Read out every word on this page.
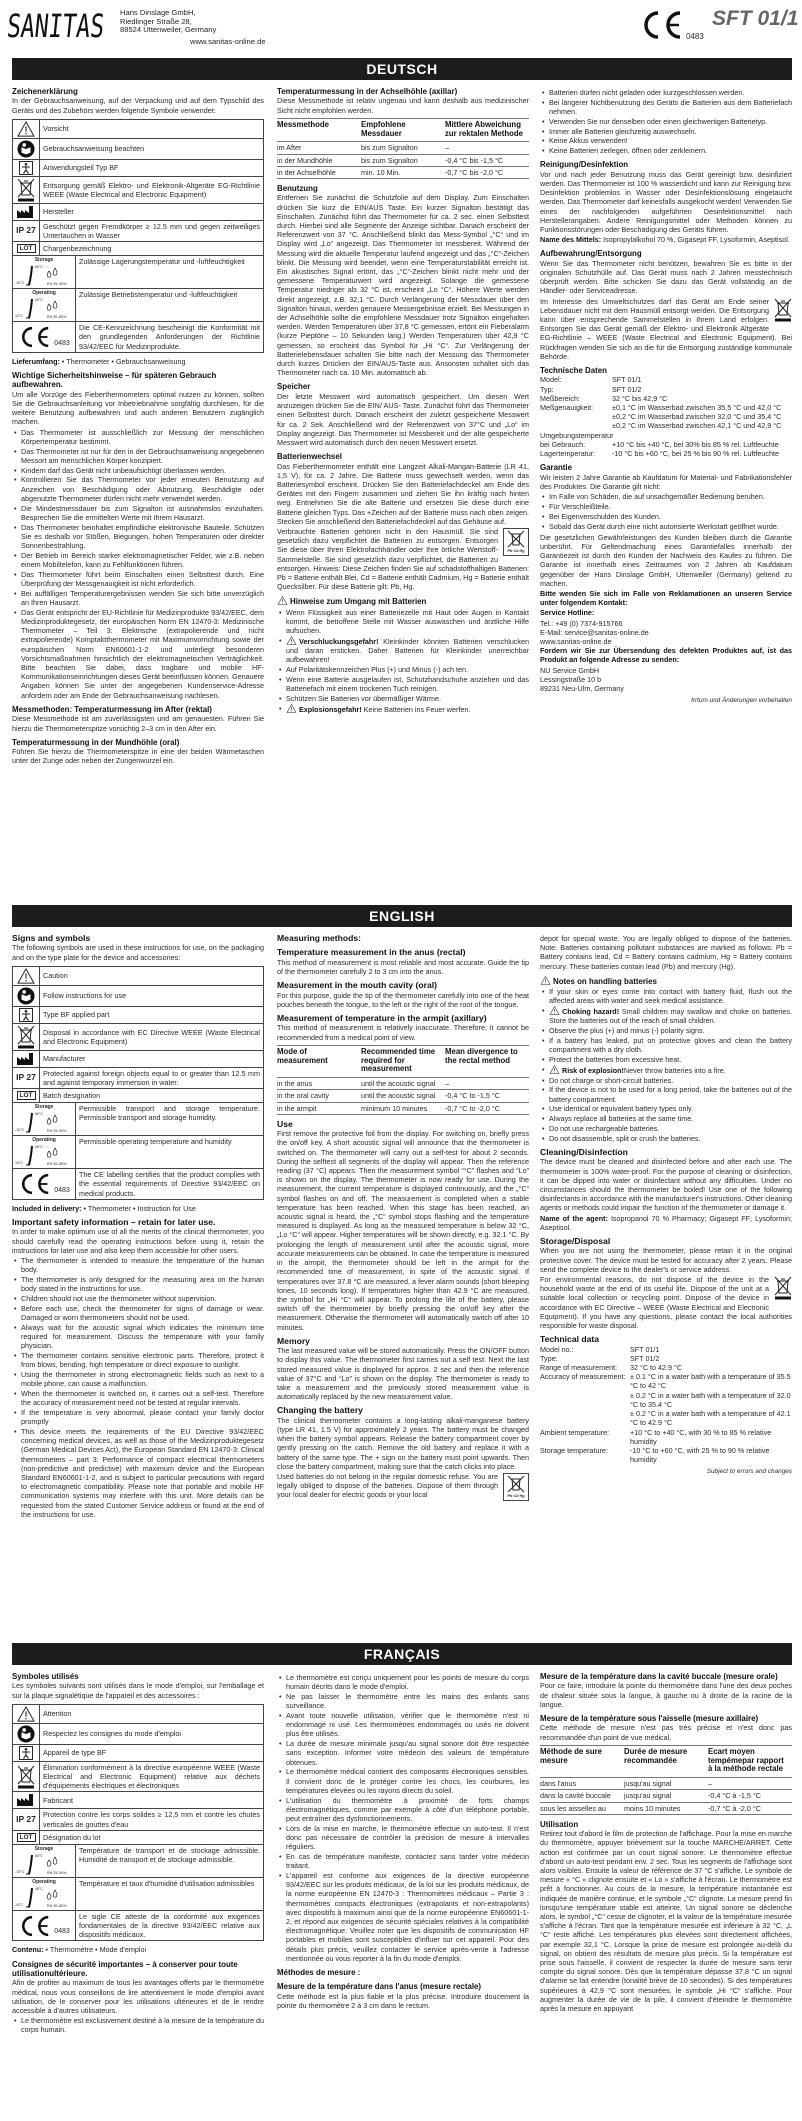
SANITAS Hans Dinslage GmbH,
Riedlinger Straße 28,
88524 Uttenweiler, Germany
www.sanitas-online.de
0483
SFT 01/1
DEUTSCH
Zeichenerklärung
In der Gebrauchsanweisung, auf der Verpackung und auf dem Typschild des Geräts und des Zubehörs werden folgende Symbole verwendet:
Vorsicht
Gebrauchsanweisung beachten
Anwendungsteil Typ BF
Entsorgung gemäß Elektro- und Elektronik-Altgeräte EG-Richtlinie WEEE (Waste Electrical and Electronic Equipment)
Hersteller
IP 27 Geschützt gegen Fremdkörper ≥ 12.5 mm und gegen zeitweiliges Untertauchen in Wasser
LOT	Chargenbezeichnung
Storage
-10°C
60°C
RH 25–90%
Zulässige Lagerungstemperatur und -luftfeuchtigkeit
Operating
10°C
40°C
RH 30–85%
Zulässige Betriebstemperatur und -luftfeuchtigkeit
0483
Die CE-Kennzeichnung bescheinigt die Konformität mit den grundlegenden Anforderungen der Richtlinie 93/42/EEC für Medizinprodukte.
Lieferumfang: • Thermometer • Gebrauchsanweisung
Wichtige Sicherheitshinweise – für späteren Gebrauch aufbewahren.
Um alle Vorzüge des Fieberthermometers optimal nutzen zu können, sollten Sie die Gebrauchsanleitung vor Inbetriebnahme sorgfältig durchlesen, für die weitere Benutzung aufbewahren und auch anderen Benutzern zugänglich machen.
• Das Thermometer ist ausschließlich zur Messung der menschlichen Körpertemperatur bestimmt.
• Das Thermometer ist nur für den in der Gebrauchsanweisung angegebenen Messort am menschlichen Körper konzipiert.
• Kindern darf das Gerät nicht unbeaufsichtigt überlassen werden.
• Kontrollieren Sie das Thermometer vor jeder erneuten Benutzung auf Anzeichen von Beschädigung oder Abnutzung. Beschädigte oder abgenutzte Thermometer dürfen nicht mehr verwendet werden.
• Die Mindestmessdauer bis zum Signalton ist ausnahmslos einzuhalten. Besprechen Sie die ermittelten Werte mit Ihrem Hausarzt.
• Das Thermometer beinhaltet empfindliche elektronische Bauteile. Schützen Sie es deshalb vor Stößen, Biegungen, hohen Temperaturen oder direkter Sonnenbestrahlung.
• Der Betrieb im Bereich starker elektromagnetischer Felder, wie z.B. neben einem Mobiltelefon, kann zu Fehlfunktionen führen.
• Das Thermometer führt beim Einschalten einen Selbsttest durch. Eine Überprüfung der Messgenauigkeit ist nicht erforderlich.
• Bei auffälligen Temperaturergebnissen wenden Sie sich bitte unverzüglich an Ihren Hausarzt.
• Das Gerät entspricht der EU-Richtlinie für Medizinprodukte 93/42/EEC, dem Medizinproduktegesetz, der europäischen Norm EN 12470-3: Medizinische Thermometer – Teil 3: Elektrische (extrapolierende und nicht extrapolierende) Komptaktthermometer mit Maximumvorrichtung sowie der europäischen Norm EN60601-1-2 und unterliegt besonderen Vorsichtsmaßnahmen hinsichtlich der elektromagnetischen Verträglichkeit. Bitte beachten Sie dabei, dass tragbare und mobile HF-Kommunikationseinrichtungen dieses Gerät beeinflussen können. Genauere Angaben können Sie unter der angegebenen Kundenservice-Adresse anfordern oder am Ende der Gebrauchsanweisung nachlesen.
Messmethoden: Temperaturmessung im After (rektal)
Diese Messmethode ist am zuverlässigsten und am genauesten. Führen Sie hierzu die Thermometerspitze vorsichtig 2–3 cm in den After ein.
Temperaturmessung in der Mundhöhle (oral)
Führen Sie hierzu die Thermometerspitze in eine der beiden Wärmetaschen unter der Zunge oder neben der Zungenwurzel ein.
Temperaturmessung in der Achselhöhle (axillar)
Diese Messmethode ist relativ ungenau und kann deshalb aus medizinischer Sicht nicht empfohlen werden.
Messmethode	Empfohlene Messdauer	Mittlere Abweichung zur rektalen Methode
im After	bis zum Signalton	–
in der Mundhöhle	bis zum Signalton	-0,4 °C bis -1,5 °C
in der Achselhöhle	min. 10 Min.	-0,7 °C bis -2,0 °C
Benutzung
Entfernen Sie zunächst die Schutzfolie auf dem Display. Zum Einschalten drücken Sie kurz die EIN/AUS Taste. Ein kurzer Signalton bestätigt das Einschalten. Zunächst führt das Thermometer für ca. 2 sec. einen Selbsttest durch. Hierbei sind alle Segmente der Anzeige sichtbar. Danach erscheint der Referenzwert von 37 °C. Anschließend blinkt das Mess-Symbol „°C“ und im Display wird „Lo“ angezeigt. Das Thermometer ist messbereit. Während der Messung wird die aktuelle Temperatur laufend angezeigt und das „°C“-Zeichen blinkt. Die Messung wird beendet, wenn eine Temperaturstabilität erreicht ist. Ein akustisches Signal ertönt, das „°C“-Zeichen blinkt nicht mehr und der gemessene Temperaturwert wird angezeigt. Solange die gemessene Temperatur niedriger als 32 °C ist, erscheint „Lo °C“. Höhere Werte werden direkt angezeigt, z.B. 32,1 °C. Durch Verlängerung der Messdauer über den Signalton hinaus, werden genauere Messergebnisse erzielt. Bei Messungen in der Achselhöhle sollte die empfohlene Messdauer trotz Signalton eingehalten werden. Werden Temperaturen über 37,8 °C gemessen, ertönt ein Fieberalarm (kurze Pieptöne – 10 Sekunden lang.) Werden Temperaturen über 42,9 °C gemessen, so erscheint das Symbol für „Hi °C“. Zur Verlängerung der Batterielebensdauer schalten Sie bitte nach der Messung das Thermometer durch kurzes Drücken der EIN/AUS-Taste aus. Ansonsten schaltet sich das Thermometer nach ca. 10 Min. automatisch ab.
Speicher
Der letzte Messwert wird automatisch gespeichert. Um diesen Wert anzuzeigen drücken Sie die EIN/ AUS- Taste. Zunächst führt das Thermometer einen Selbsttest durch. Danach erscheint der zuletzt gespeicherte Messwert für ca. 2 Sek. Anschließend wird der Referenzwert von 37°C und „Lo“ im Display angezeigt. Das Thermometer ist Messbereit und der alte gespeicherte Messwert wird automatisch durch den neuen Messwert ersetzt.
Batterienwechsel
Das Fieberthermometer enthält eine Langzeit Alkali-Mangan-Batterie (LR 41, 1,5 V), für ca. 2 Jahre. Die Batterie muss gewechselt werden, wenn das Batteriesymbol erscheint. Drücken Sie den Batteriefachdeckel am Ende des Gerätes mit den Fingern zusammen und ziehen Sie ihn kräftig nach hinten weg. Entnehmen Sie die alte Batterie und ersetzen Sie diese durch eine Batterie gleichen Typs. Das +Zeichen auf der Batterie muss nach oben zeigen. Stecken Sie anschließend den Batteriefachdeckel auf das Gehäuse auf.
Pb Cd Hg
Verbrauchte Batterien gehören nicht in den Hausmüll. Sie sind gesetzlich dazu verpflichtet die Batterien zu entsorgen. Entsorgen Sie diese über Ihren Elektrofachhändler oder Ihre örtliche Wertstoff-Sammelstelle. Sie sind gesetzlich dazu verpflichtet, die Batterien zu entsorgen. Hinweis: Diese Zeichen finden Sie auf schadstoffhaltigen Batterien: Pb = Batterie enthält Blei, Cd = Batterie enthält Cadmium, Hg = Batterie enthält Quecksilber. Für diese Batterie gilt: Pb, Hg.
Hinweise zum Umgang mit Batterien
• Wenn Flüssigkeit aus einer Batteriezelle mit Haut oder Augen in Kontakt kommt, die betroffene Stelle mit Wasser auswaschen und ärztliche Hilfe aufsuchen.
• Verschluckungsgefahr! Kleinkinder könnten Batterien verschlucken und daran ersticken. Daher Batterien für Kleinkinder unerreichbar aufbewahren!
• Auf Polaritätskennzeichen Plus (+) und Minus (-) ach ten.
• Wenn eine Batterie ausgelaufen ist, Schutzhandschuhe anziehen und das Batteriefach mit einem trockenen Tuch reinigen.
• Schützen Sie Batterien vor übermäßiger Wärme.
• Explosionsgefahr! Keine Batterien ins Feuer werfen.
• Batterien dürfen nicht geladen oder kurzgeschlossen werden.
• Bei längerer Nichtbenutzung des Geräts die Batterien aus dem Batteriefach nehmen.
• Verwenden Sie nur denselben oder einen gleichwertigen Batterietyp.
• Immer alle Batterien gleichzeitig auswechseln.
• Keine Akkus verwenden!
• Keine Batterien zerlegen, öffnen oder zerkleinern.
Reinigung/Desinfektion
Vor und nach jeder Benutzung muss das Gerät gereinigt bzw. desinfiziert werden. Das Thermometer ist 100 % wasserdicht und kann zur Reinigung bzw. Desinfektion problemlos in Wasser oder Desinfektionslösung eingetaucht werden. Das Thermometer darf keinesfalls ausgekocht werden! Verwenden Sie eines der nachfolgenden aufgeführten Desinfektionsmittel nach Herstellerangaben. Andere Reinigungsmittel oder Methoden können zu Funktionsstörungen oder Beschädigung des Geräts führen.
Name des Mittels: Isopropylalkohol 70 %, Gigasept FF, Lysoformin, Aseptisol.
Aufbewahrung/Entsorgung
Wenn Sie das Thermometer nicht benützen, bewahren Sie es bitte in der originalen Schutzhülle auf. Das Gerät muss nach 2 Jahren messtechnisch überprüft werden. Bitte schicken Sie dazu das Gerät vollständig an die Händler- oder Serviceadresse.
Im Interesse des Umweltschutzes darf das Gerät am Ende seiner Lebensdauer nicht mit dem Hausmüll entsorgt werden. Die Entsorgung kann über entsprechende Sammelstellen in Ihrem Land erfolgen. Entsorgen Sie das Gerät gemäß der Elektro- und Elektronik Altgeräte EG-Richtlinie – WEEE (Waste Electrical and Electronic Equipment). Bei Rückfragen wenden Sie sich an die für die Entsorgung zuständige kommunale Behörde.
Technische Daten
Model:	SFT 01/1
Typ:	SFT 01/2
Meßbereich:	32 °C bis 42,9 °C
Meßgenauigkeit:	±0,1 °C im Wasserbad zwischen 35,5 °C und 42,0 °C
±0,2 °C im Wasserbad zwischen 32,0 °C und 35,4 °C
±0,2 °C im Wasserbad zwischen 42,1 °C und 42,9 °C
Umgebungstemperatur
bei Gebrauch:	+10 °C bis +40 °C, bei 30% bis 85 % rel. Luftfeuchte
Lagertemperatur:	-10 °C bis +60 °C, bei 25 % bis 90 % rel. Luftfeuchte
Garantie
Wir leisten 2 Jahre Garantie ab Kaufdatum für Material- und Fabrikationsfehler des Produktes. Die Garantie gilt nicht:
• Im Falle von Schäden, die auf unsachgemäßer Bedienung beruhen.
• Für Verschleißteile.
• Bei Eigenverschulden des Kunden.
• Sobald das Gerät durch eine nicht autorisierte Werkstatt geöffnet wurde.
Die gesetzlichen Gewährleistungen des Kunden bleiben durch die Garantie unberührt. Für Geltendmachung eines Garantiefalles innerhalb der Garantiezeit ist durch den Kunden der Nachweis des Kaufes zu führen. Die Garantie ist innerhalb eines Zeitraumes von 2 Jahren ab Kaufdatum gegenüber der Hans Dinslage GmbH, Uttenweiler (Germany) geltend zu machen.
Bitte wenden Sie sich im Falle von Reklamationen an unseren Service unter folgendem Kontakt:
Service Hotline:
Tel.: +49 (0) 7374-915766
E-Mail: service@sanitas-online.de
www.sanitas-online.de
Fordern wir Sie zur Übersendung des defekten Produktes auf, ist das Produkt an folgende Adresse zu senden:
NU Service GmbH
Lessingstraße 10 b
89231 Neu-Ulm, Germany
Irrtum und Änderungen vorbehalten
ENGLISH
Signs and symbols
The following symbols are used in these instructions for use, on the packaging and on the type plate for the device and accessories:
Caution
Follow instructions for use
Type BF applied part
Disposal in accordance with EC Directive WEEE (Waste Electrical and Electronic Equipment)
Manufacturer
IP 27 Protected against foreign objects equal to or greater than 12.5 mm and against temporary immersion in water.
LOT	Batch designation
Storage
-10°C
60°C
RH 25–90%
Permissible transport and storage temperature. Permissible transport and storage humidity.
Operating
10°C
40°C
RH 30–85%
Permissible operating temperature and humidity
0483
The CE labelling certifies that the product complies with the essential requirements of Directive 93/42/EEC on medical products.
Included in delivery: • Thermometer • Instruction for Use
Important safety information – retain for later use.
In order to make optimum use of all the merits of the clinical thermometer, you should carefully read the operating instructions before using it, retain the instructions for later use and also keep them accessible for other users.
• The thermometer is intended to measure the temperature of the human body.
• The thermometer is only designed for the measuring area on the human body stated in the instructions for use.
• Children should not use the thermometer without supervision.
• Before each use, check the thermometer for signs of damage or wear. Damaged or worn thermometers should not be used.
• Always wait for the acoustic signal which indicates the minimum time required for measurement. Discuss the temperature with your family physician.
• The thermometer contains sensitive electronic parts. Therefore, protect it from blows, bending, high temperature or direct exposure to sunlight.
• Using the thermometer in strong electromagnetic fields such as next to a mobile phone, can cause a malfunction.
• When the thermometer is switched on, it carries out a self-test. Therefore the accuracy of measurement need not be tested at regular intervals.
• If the temperature is very abnormal, please contact your family doctor promptly
• This device meets the requirements of the EU Directive 93/42/EEC concerning medical devices, as well as those of the Medizinproduktegesetz (German Medical Devices Act), the European Standard EN 12470-3: Clinical thermometers – part 3: Performance of compact electrical thermometers (non-predictive and predictive) with maximum device and the European Standard EN60601-1-2, and is subject to particular precautions with regard to electromagnetic compatibility. Please note that portable and mobile HF communication systems may interfere with this unit. More details can be requested from the stated Customer Service address or found at the end of the instructions for use.
Measuring methods:
Temperature measurement in the anus (rectal)
This method of measurement is most reliable and most accurate. Guide the tip of the thermometer carefully 2 to 3 cm into the anus.
Measurement in the mouth cavity (oral)
For this purpose, guide the tip of the thermometer carefully into one of the heat pouches beneath the tongue, to the left or the right of the root of the tongue.
Measurement of temperature in the armpit (axillary)
This method of measurement is relatively inaccurate. Therefore, it cannot be recommended from a medical point of view.
Mode of measurement	Recommended time required for measurement	Mean divergence to the rectal method
in the anus	until the acoustic signal	–
in the oral cavity	until the acoustic signal	-0,4 °C to -1,5 °C
in the armpit	minimum 10 minutes	-0,7 °C to -2,0 °C
Use
First remove the protective foil from the display. For switching on, briefly press the on/off key. A short acoustic signal will announce that the thermometer is switched on. The thermometer will carry out a self-test for about 2 seconds. During the selftest all segments of the display will appear. Then the reference reading (37 °C) appears. Then the measurement symbol “°C” flashes and “Lo” is shown on the display. The thermometer is now ready for use. During the measurement, the current temperature is displayed continuously, and the „°C“ symbol flashes on and off. The measurement is completed when a stable temperature has been reached. When this stage has been reached, an acoustic signal is heard, the „°C“ symbol stops flashing and the temperature measured is displayed. As long as the measured temperature is below 32 °C, „Lo °C“ will appear. Higher temperatures will be shown directly, e.g. 32.1 °C. By prolonging the length of measurement until after the acoustic signal, more accurate measurements can be obtained. In case the temperature is measured in the armpit, the thermometer should be left in the armpit for the recommended time of measurement, in spite of the acoustic signal. If temperatures over 37.8 °C are measured, a fever alarm sounds (short bleeping tones, 10 seconds long). If temperatures higher than 42.9 °C are measured, the symbol for „Hi °C“ will appear. To prolong the life of the battery, please switch off the thermometer by briefly pressing the on/off key after the measurement. Otherwise the thermometer will automatically switch off after 10 minutes.
Memory
The last measured value will be stored automatically. Press the ON/OFF button to display this value. The thermometer first carries out a self test. Next the last stored measured value is displayed for approx. 2 sec and then the reference value of 37°C and “Lo” is shown on the display. The thermometer is ready to take a measurement and the previously stored measurement value is automatically replaced by the new measurement value.
Changing the battery
The clinical thermometer contains a long-lasting alkali-manganese battery (type LR 41, 1.5 V) for approximately 2 years. The battery must be changed when the battery symbol appears. Release the battery compartment cover by gently pressing on the catch. Remove the old battery and replace it with a battery of the same type. The + sign on the battery must point upwards. Then close the battery compartment, making sure that the catch clicks into place.
Pb Cd Hg
Used batteries do not belong in the regular domestic refuse. You are legally obliged to dispose of the batteries. Dispose of them through your local dealer for electric goods or your local
depot for special waste. You are legally obliged to dispose of the batteries. Note: Batteries containing pollutant substances are marked as follows: Pb = Battery contains lead, Cd = Battery contains cadmium, Hg = Battery contains mercury. These batteries contain lead (Pb) and mercury (Hg).
Notes on handling batteries
• If your skin or eyes come into contact with battery fluid, flush out the affected areas with water and seek medical assistance.
• Choking hazard! Small children may swallow and choke on batteries. Store the batteries out of the reach of small children.
• Observe the plus (+) and minus (-) polarity signs.
• If a battery has leaked, put on protective gloves and clean the battery compartment with a dry cloth.
• Protect the batteries from excessive heat.
• Risk of explosion!Never throw batteries into a fire.
• Do not charge or short-circuit batteries.
• If the device is not to be used for a long period, take the batteries out of the battery compartment.
• Use identical or equivalent battery types only.
• Always replace all batteries at the same time.
• Do not use rechargeable batteries.
• Do not disassemble, split or crush the batteries.
Cleaning/Disinfection
The device must be cleaned and disinfected before and after each use. The thermometer is 100% water-proof. For the purpose of cleaning or disinfection, it can be dipped into water or disinfectant without any difficulties. Under no circumstances should the thermometer be boiled! Use one of the following disinfectants in accordance with the manufacturer's instructions. Other cleaning agents or methods could impair the function of the thermometer or damage it.
Name of the agent: Isopropanol 70 % Pharmacy; Gigasept FF; Lysoformin; Aseptisol.
Storage/Disposal
When you are not using the thermometer, please retain it in the original protective cover. The device must be tested for accuracy after 2 years. Please send the complete device to the dealer's or service address.
For environmental reasons, do not dispose of the device in the household waste at the end of its useful life. Dispose of the unit at a suitable local collection or recycling point. Dispose of the device in accordance with EC Directive – WEEE (Waste Electrical and Electronic Equipment). If you have any questions, please contact the local authorities responsible for waste disposal.
Technical data
Model no.:	SFT 01/1
Type:	SFT 01/2
Range of measurement:	32 °C to 42.9 °C
Accuracy of measurement: ± 0.1 °C in a water bath with a temperature of 35.5 °C to 42 °C
± 0.2 °C in a water bath with a temperature of 32.0 °C to 35.4 °C
± 0.2 °C in a water bath with a temperature of 42.1 °C to 42.9 °C
Ambient temperature:	+10 °C to +40 °C, with 30 % to 85 % relative humidity
Storage temperature:	-10 °C to +60 °C, with 25 % to 90 % relative humidity
Subject to errors and changes
FRANÇAIS
Symboles utilisés
Les symboles suivants sont utilisés dans le mode d'emploi, sur l'emballage et sur la plaque signalétique de l'appareil et des accessoires :
Attention
Respectez les consignes du mode d'emploi
Appareil de type BF
Élimination conformément à la directive européenne WEEE (Waste Electrical and Electronic Equipment) relative aux déchets d'équipements électriques et électroniques
Fabricant
IP 27 Protection contre les corps solides ≥ 12,5 mm et contre les chutes verticales de gouttes d'eau
LOT	Désignation du lot
Storage
-10°C
60°C
RH 25–90%
Température de transport et de stockage admissible. Humidité de transport et de stockage admissible.
Operating
10°C
40°C
RH 30–85%
Température et taux d'humidité d'utilisation admissibles
0483
Le sigle CE atteste de la conformité aux exigences fondamentales de la directive 93/42/EEC relative aux dispositifs médicaux.
Contenu: • Thermomètre • Mode d'emploi
Consignes de sécurité importantes – à conserver pour toute utilisationultérieure.
Afin de profiter au maximum de tous les avantages offerts par le thermomètre médical, nous vous conseillons de lire attentivement le mode d'emploi avant utilisation, de le conserver pour les utilisations ultérieures et de le rendre accessible à d'autres utilisateurs.
• Le thermomètre est exclusivement destiné à la mesure de la température du corps humain.
• Le thermomètre est conçu uniquement pour les points de mesure du corps humain décrits dans le mode d'emploi.
• Ne pas laisser le thermomètre entre les mains des enfants sans surveillance.
• Avant toute nouvelle utilisation, vérifier que le thermomètre n'est ni endommagé ni usé. Les thermomètres endommagés ou usés ne doivent plus être utilisés.
• La durée de mesure minimale jusqu'au signal sonore doit être respectée sans exception. Informer votre médecin des valeurs de température obtenues.
• Le thermomètre médical contient des composants électroniques sensibles. Il convient donc de le protéger contre les chocs, les courbures, les températures élevées ou les rayons directs du soleil.
• L'utilisation du thermomètre à proximité de forts champs électromagnétiques, comme par exemple à côté d'un téléphone portable, peut entraîner des dysfonctionnements.
• Lors de la mise en marche, le thermomètre effectue un auto-test. Il n'est donc pas nécessaire de contrôler la précision de mesure à intervalles réguliers.
• En cas de température manifeste, contactez sans tarder votre médecin traitant.
• L'appareil est conforme aux exigences de la directive européenne 93/42/EEC sur les produits médicaux, de la loi sur les produits médicaux, de la norme européenne EN 12470-3 : Thermomètres médicaux – Partie 3 : thermomètres compacts électroniques (extrapolants et non-extrapolants) avec dispositifs à maximum ainsi que de la norme européenne EN60601-1-2, et répond aux exigences de sécurité spéciales relatives à la compatibilité électromagnétique. Veuillez noter que les dispositifs de communication HF portables et mobiles sont susceptibles d'influer sur cet appareil. Pour des détails plus précis, veuillez contacter le service après-vente à l'adresse mentionnée ou vous reporter à la fin du mode d'emploi.
Méthodes de mesure :
Mesure de la température dans l'anus (mesure rectale)
Cette méthode est la plus fiable et la plus précise. Introduire doucement la pointe du thermomètre 2 à 3 cm dans le rectum.
Mesure de la température dans la cavité buccale (mesure orale)
Pour ce faire, introduire la pointe du thermomètre dans l'une des deux poches de chaleur située sous la langue, à gauche ou à droite de la racine de la langue.
Mesure de la température sous l'aisselle (mesure axillaire)
Cette méthode de mesure n'est pas très précise et n'est donc pas recommandée d'un point de vue médical.
Méthode de sure mesure	Durée de mesure recommandée	Ecart moyen tempémepar rapport à la méthode rectale
dans l'anus	jusqu'au signal	–
dans la cavité buccale	jusqu'au signal	-0,4 °C à -1,5 °C
sous les aisselles au	moins 10 minutes	-0,7 °C à -2,0 °C
Utilisation
Retirez tout d'abord le film de protection de l'affichage. Pour la mise en marche du thermomètre, appuyer brièvement sur la touche MARCHE/ARRET. Cette action est confirmée par un court signal sonore. Le thermomètre effectue d'abord un auto-test pendant env. 2 sec. Tous les segments de l'affichage sont alors visibles. Ensuite la valeur de référence de 37 °C s'affiche. Le symbole de mesure « °C » clignote ensuite et « Lo » s'affiche à l'écran. Le thermomètre est prêt à fonctionner. Au cours de la mesure, la température instantanée est indiquée de manière continue, et le symbole „°C“ clignote. La mesure prend fin lorsqu'une température stable est atteinte. Un signal sonore se déclenche alors, le symbol „°C“ cesse de clignoter, et la valeur de la température mesurée s'affiche à l'écran. Tant que la température mesurée est inférieure à 32 °C, „L °C“ reste affiché. Les températures plus élevées sont directement affichées, par exemple 32,1 °C. Lorsque la prise de mesure est prolongée au-delà du signal, on obtient des résultats de mesure plus précis. Si la température est prise sous l'aisselle, il convient de respecter la durée de mesure sans tenir compte du signal sonore. Dès que la température dépasse 37,8 °C un signal d'alarme se fait entendre (tonalité brève de 10 secondes). Si des températures supérieures à 42,9 °C sont mesurées, le symbole „Hi °C“ s'affiche. Pour augmenter la durée de vie de la pile, il convient d'éteindre le thermomètre après la mesure en appuyant
